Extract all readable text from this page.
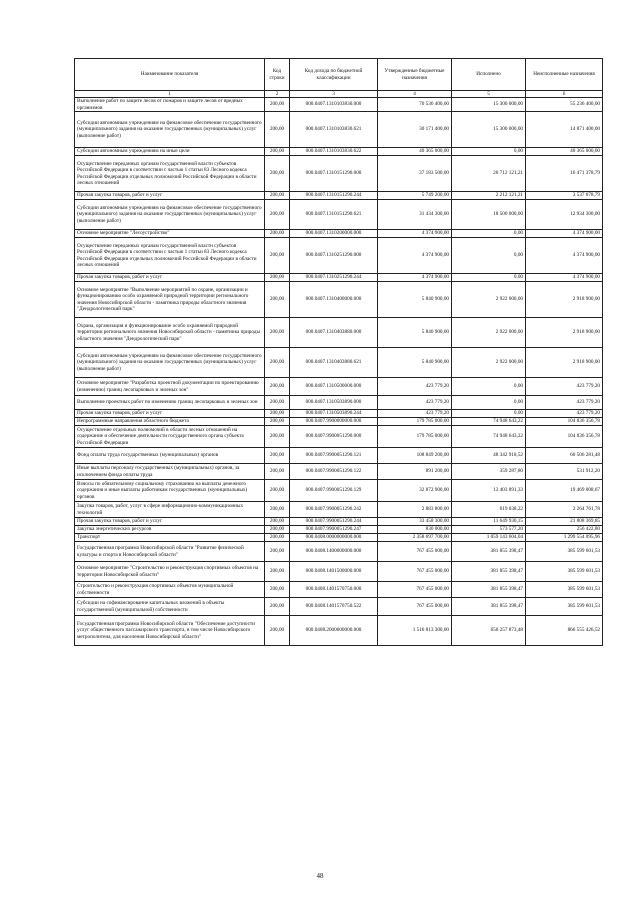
Наименование показателя	Код строки	Код дохода по бюджетной классификации	Утвержденные бюджетные назначения	Исполнено	Неисполненные назначения
1	2	3	4	5	6
Выполнение работ по защите лесов от пожаров и защите лесов от вредных организмов	200,00	000.0407.1310103830.000	70 536 400,00	15 300 000,00	55 236 400,00
Субсидии автономным учреждениям на финансовое обеспечение государственного (муниципального) задания на оказание государственных (муниципальных) услуг (выполнение работ)	200,00	000.0407.1310103830.621	30 171 400,00	15 300 000,00	14 871 400,00
Субсидии автономным учреждениям на иные цели	200,00	000.0407.1310103830.622	40 365 000,00	0,00	40 365 000,00
Осуществление переданных органам государственной власти субъектов Российской Федерации в соответствии с частью 1 статьи 83 Лесного кодекса Российской Федерации отдельных полномочий Российской Федерации в области лесных отношений	200,00	000.0407.1310151290.000	37 183 500,00	20 712 121,21	16 471 378,79
Прочая закупка товаров, работ и услуг	200,00	000.0407.1310151290.244	5 749 200,00	2 212 121,21	3 537 078,79
Субсидии автономным учреждениям на финансовое обеспечение государственного (муниципального) задания на оказание государственных (муниципальных) услуг (выполнение работ)	200,00	000.0407.1310151290.621	31 434 300,00	18 500 000,00	12 934 300,00
Основное мероприятие "Лесоустройство"	200,00	000.0407.1310200000.000	4 374 900,00	0,00	4 374 900,00
Осуществление переданных органам государственной власти субъектов Российской Федерации в соответствии с частью 1 статьи 83 Лесного кодекса Российской Федерации отдельных полномочий Российской Федерации в области лесных отношений	200,00	000.0407.1310251290.000	4 374 900,00	0,00	4 374 900,00
Прочая закупка товаров, работ и услуг	200,00	000.0407.1310251290.244	4 374 900,00	0,00	4 374 900,00
Основное мероприятие "Выполнение мероприятий по охране, организации и функционированию особо охраняемой природной территории регионального значения Новосибирской области - памятника природы областного значения "Дендрологический парк"	200,00	000.0407.1310400000.000	5 840 900,00	2 922 000,00	2 918 900,00
Охрана, организация и функционирование особо охраняемой природной территории регионального значения Новосибирской области - памятника природы областного значения "Дендрологический парк"	200,00	000.0407.1310403880.000	5 840 900,00	2 922 000,00	2 918 900,00
Субсидии автономным учреждениям на финансовое обеспечение государственного (муниципального) задания на оказание государственных (муниципальных) услуг (выполнение работ)	200,00	000.0407.1310403880.621	5 840 900,00	2 922 000,00	2 918 900,00
Основное мероприятие "Разработка проектной документации по проектированию (изменению) границ лесопарковых и зеленых зон"	200,00	000.0407.1310500000.000	423 779,20	0,00	423 779,20
Выполнение проектных работ по изменению границ лесопарковых и зеленых зон	200,00	000.0407.1310503890.000	423 779,20	0,00	423 779,20
Прочая закупка товаров, работ и услуг	200,00	000.0407.1310503890.244	423 779,20	0,00	423 779,20
Непрограммные направления областного бюджета	200,00	000.0407.9900000000.000	179 785 000,00	74 948 643,22	104 836 356,78
Осуществление отдельных полномочий в области лесных отношений на содержание и обеспечение деятельности государственного органа субъекта Российской Федерации	200,00	000.0407.9900051290.000	179 785 000,00	74 948 643,22	104 836 356,78
Фонд оплаты труда государственных (муниципальных) органов	200,00	000.0407.9900051290.121	108 849 200,00	48 342 918,52	60 506 281,48
Иные выплаты персоналу государственных (муниципальных) органов, за исключением фонда оплаты труда	200,00	000.0407.9900051290.122	891 200,00	359 287,80	531 912,20
Взносы по обязательному социальному страхованию на выплаты денежного содержания и иные выплаты работникам государственных (муниципальных) органов	200,00	000.0407.9900051290.129	32 872 900,00	13 403 891,33	19 469 008,67
Закупка товаров, работ, услуг в сфере информационно-коммуникационных технологий	200,00	000.0407.9900051290.242	2 883 800,00	619 038,22	2 264 761,78
Прочая закупка товаров, работ и услуг	200,00	000.0407.9900051290.244	33 458 300,00	11 649 930,15	21 808 369,85
Закупка энергетических ресурсов	200,00	000.0407.9900051290.247	830 000,00	573 577,20	256 422,80
Транспорт	200,00	000.0408.0000000000.000	2 358 697 700,00	1 059 143 604,04	1 299 554 095,96
Государственная программа Новосибирской области "Развитие физической культуры и спорта в Новосибирской области"	200,00	000.0408.1400000000.000	767 455 000,00	381 855 398,47	385 599 601,53
Основное мероприятие "Строительство и реконструкция спортивных объектов на территории Новосибирской области"	200,00	000.0408.1401500000.000	767 455 000,00	381 855 398,47	385 599 601,53
Строительство и реконструкция спортивных объектов муниципальной собственности	200,00	000.0408.1401570750.000	767 455 000,00	381 855 398,47	385 599 601,53
Субсидии на софинансирование капитальных вложений в объекты государственной (муниципальной) собственности	200,00	000.0408.1401570750.522	767 455 000,00	381 855 398,47	385 599 601,53
Государственная программа Новосибирской области "Обеспечение доступности услуг общественного пассажирского транспорта, в том числе Новосибирского метрополитена, для населения Новосибирской области"	200,00	000.0408.2000000000.000	1 516 813 300,00	650 257 873,48	866 555 426,52
48
